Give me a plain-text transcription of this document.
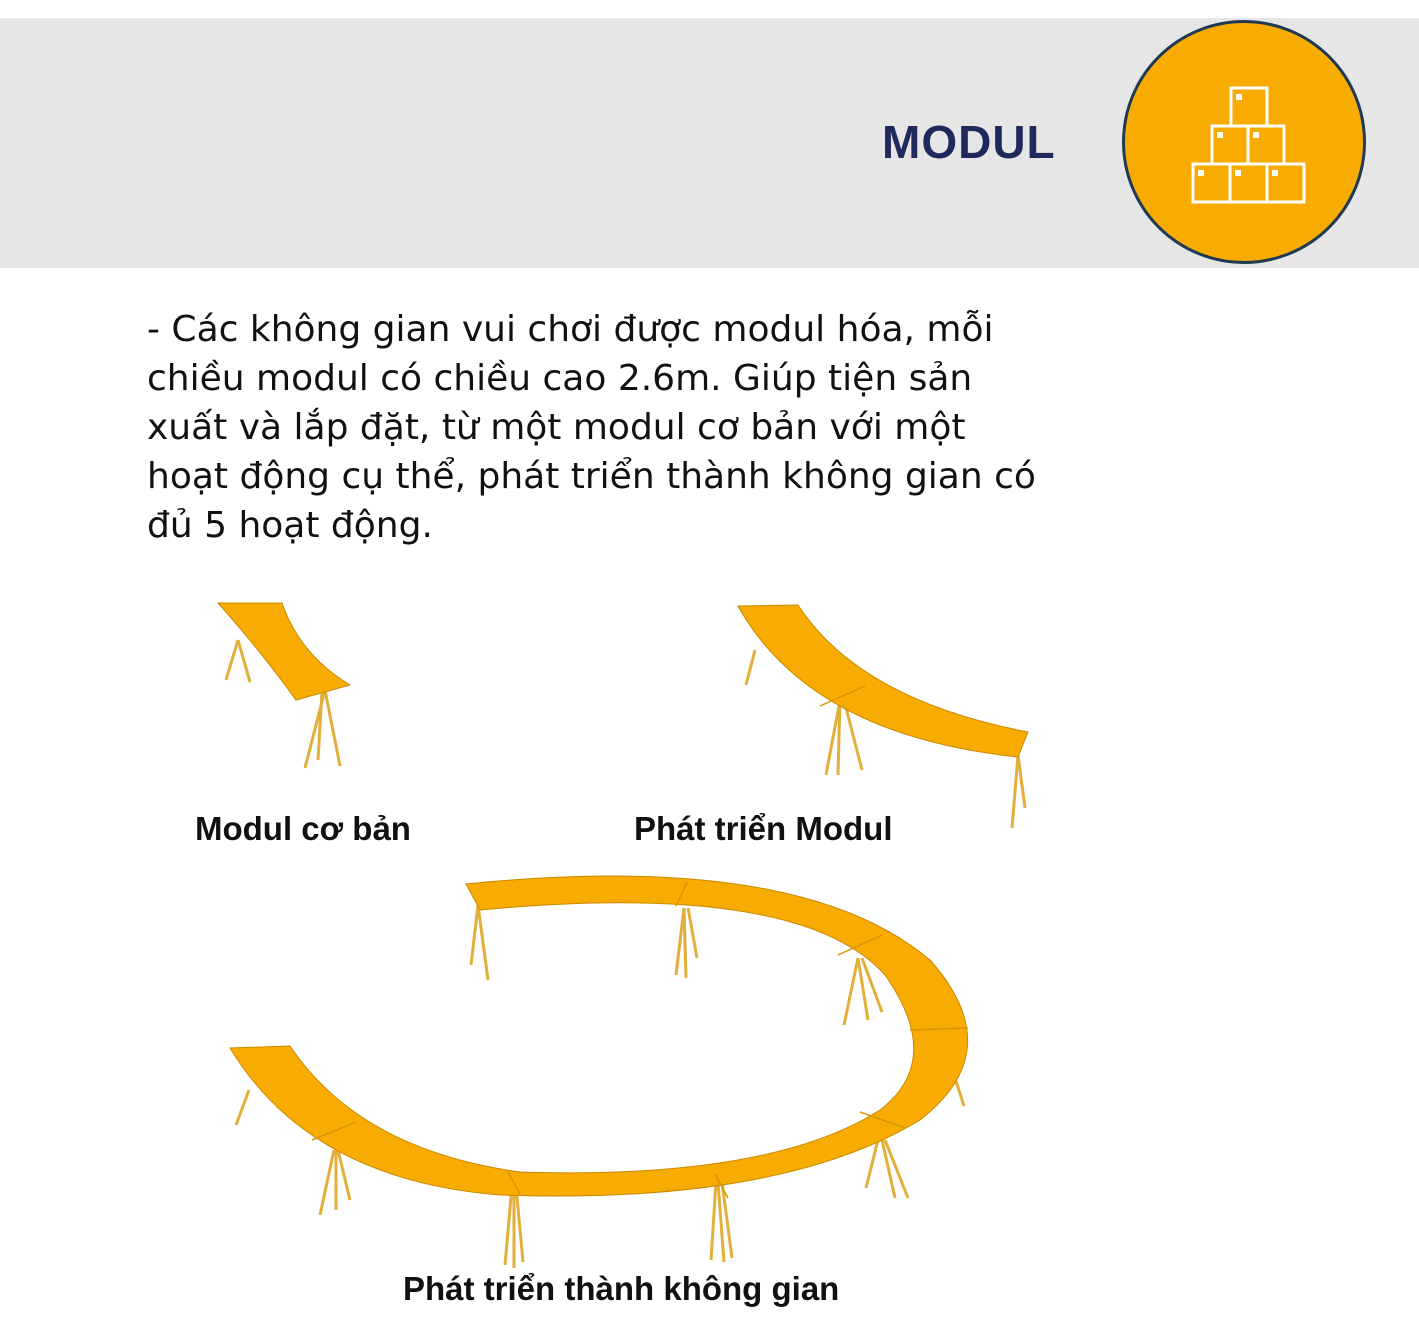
MODUL

- Các không gian vui chơi được modul hóa, mỗi
chiều modul có chiều cao 2.6m. Giúp tiện sản
xuất và lắp đặt, từ một modul cơ bản với một
hoạt động cụ thể, phát triển thành không gian có
đủ 5 hoạt động.

Modul cơ bản	Phát triển Modul
Phát triển thành không gian
